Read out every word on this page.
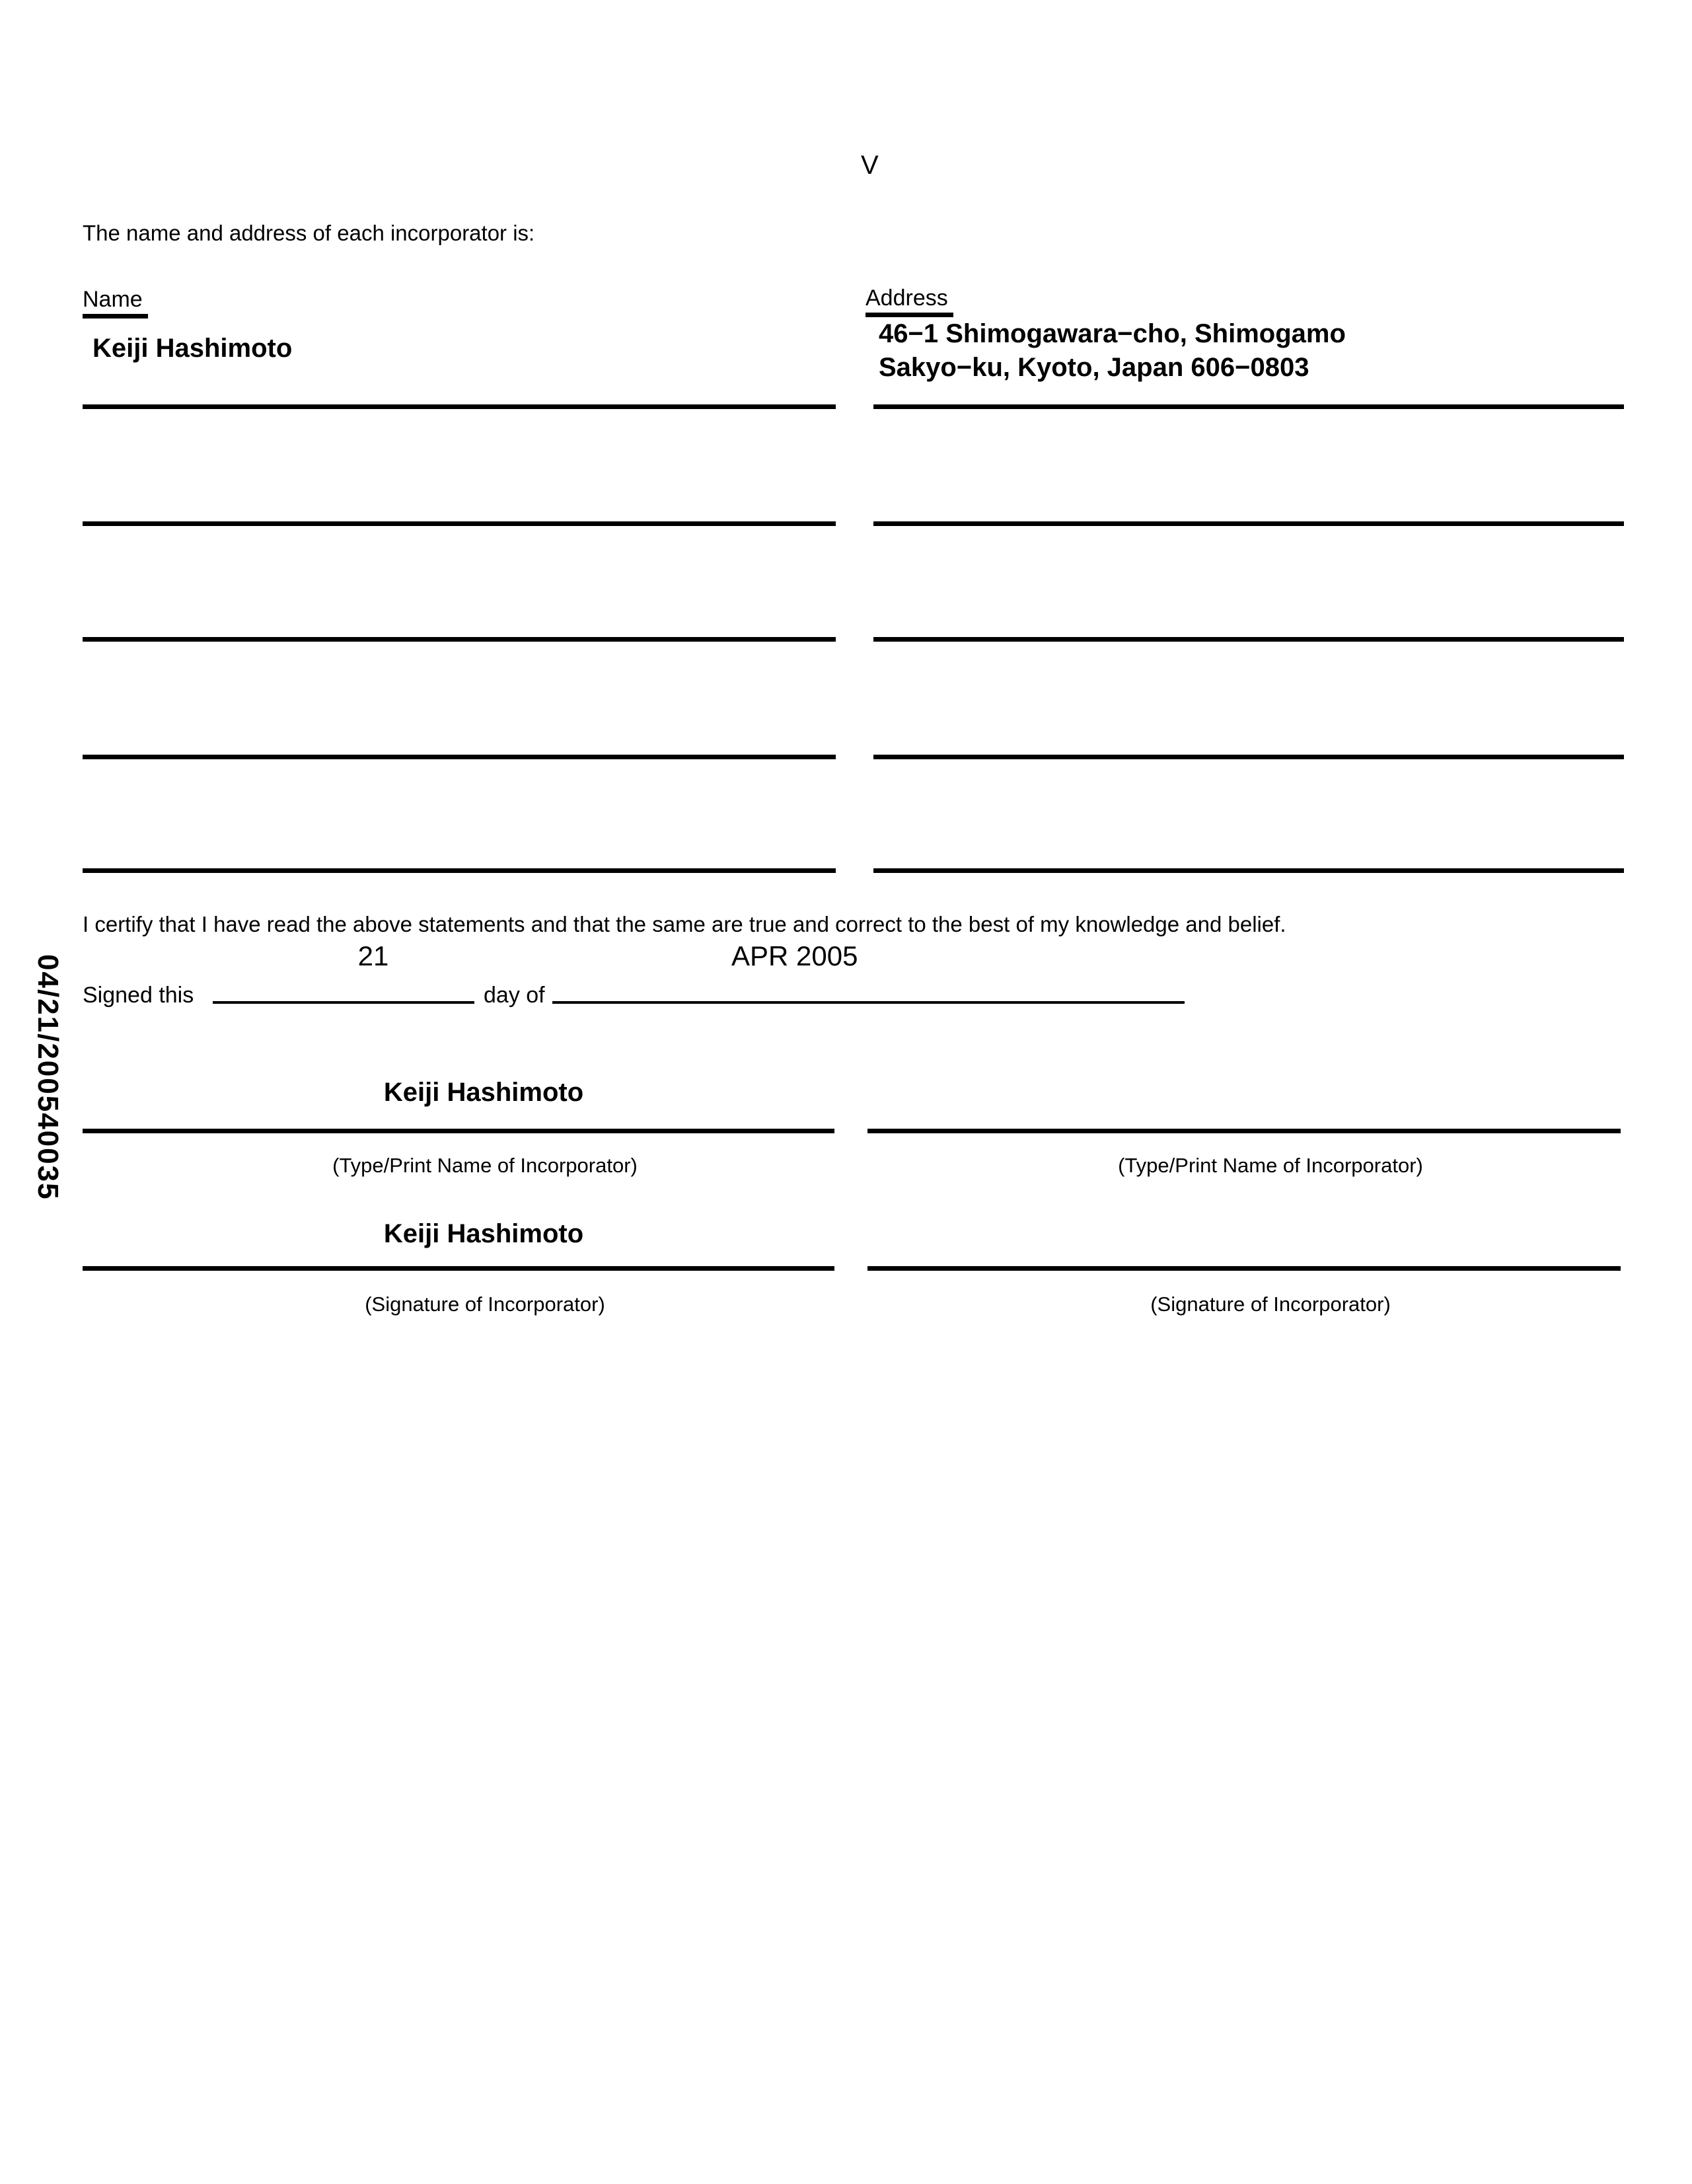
04/21/200540035
V
The name and address of each incorporator is:
Name	Address
Keiji Hashimoto	46−1 Shimogawara−cho, Shimogamo
Sakyo−ku, Kyoto, Japan 606−0803
I certify that I have read the above statements and that the same are true and correct to the best of my knowledge and belief.
21	APR 2005
Signed this	day of
Keiji Hashimoto
(Type/Print Name of Incorporator)	(Type/Print Name of Incorporator)
Keiji Hashimoto
(Signature of Incorporator)	(Signature of Incorporator)
